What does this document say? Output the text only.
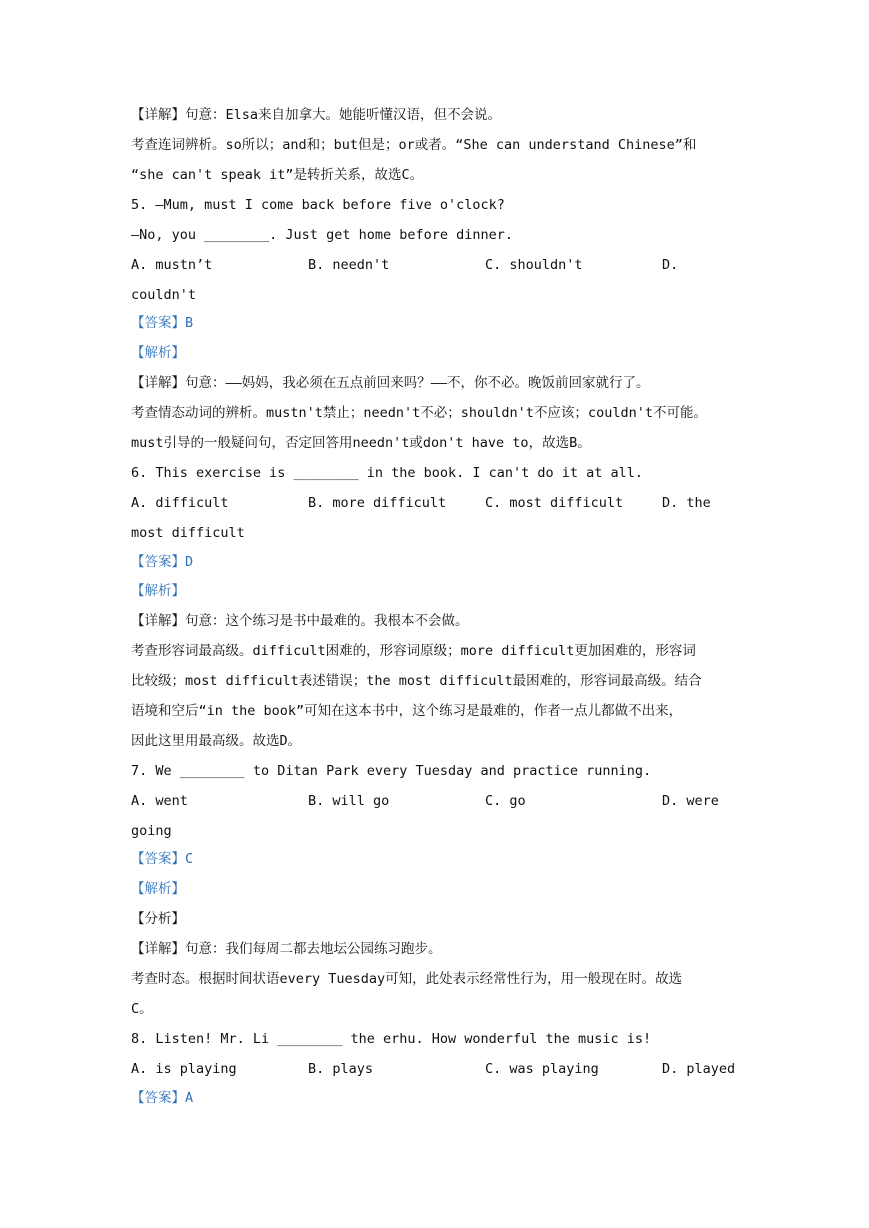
【详解】句意：Elsa来自加拿大。她能听懂汉语，但不会说。
考查连词辨析。so所以；and和；but但是；or或者。“She can understand Chinese”和
“she can't speak it”是转折关系，故选C。
5. —Mum, must I come back before five o'clock?
—No, you ________. Just get home before dinner.
A. mustn’t	B. needn't	C. shouldn't	D.
couldn't
【答案】B
【解析】
【详解】句意：——妈妈，我必须在五点前回来吗？——不，你不必。晚饭前回家就行了。
考查情态动词的辨析。mustn't禁止；needn't不必；shouldn't不应该；couldn't不可能。
must引导的一般疑问句，否定回答用needn't或don't have to，故选B。
6. This exercise is ________ in the book. I can't do it at all.
A. difficult	B. more difficult	C. most difficult	D. the
most difficult
【答案】D
【解析】
【详解】句意：这个练习是书中最难的。我根本不会做。
考查形容词最高级。difficult困难的，形容词原级；more difficult更加困难的，形容词
比较级；most difficult表述错误；the most difficult最困难的，形容词最高级。结合
语境和空后“in the book”可知在这本书中，这个练习是最难的，作者一点儿都做不出来，
因此这里用最高级。故选D。
7. We ________ to Ditan Park every Tuesday and practice running.
A. went	B. will go	C. go	D. were
going
【答案】C
【解析】
【分析】
【详解】句意：我们每周二都去地坛公园练习跑步。
考查时态。根据时间状语every Tuesday可知，此处表示经常性行为，用一般现在时。故选
C。
8. Listen! Mr. Li ________ the erhu. How wonderful the music is!
A. is playing	B. plays	C. was playing	D. played
【答案】A
